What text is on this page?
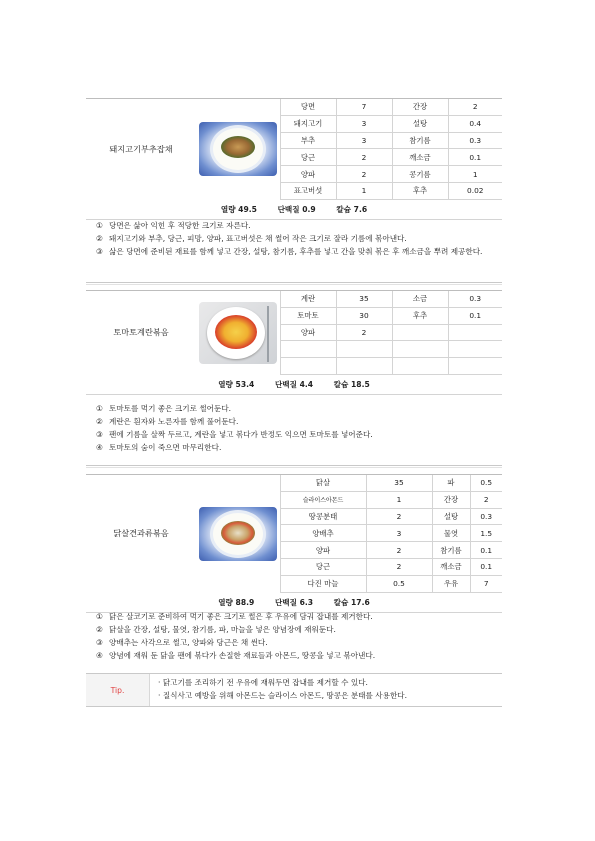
돼지고기부추잡채		당면	7	간장	2
		돼지고기	3	설탕	0.4
		부추	3	참기름	0.3
		당근	2	깨소금	0.1
		양파	2	콩기름	1
		표고버섯	1	후추	0.02
열량 49.5 단백질 0.9 칼슘 7.6					
① 당면은 삶아 익힌 후 적당한 크기로 자른다.
② 돼지고기와 부추, 당근, 피망, 양파, 표고버섯은 채 썰어 작은 크기로 잘라 기름에 볶아낸다.
③ 삶은 당면에 준비된 재료를 함께 넣고 간장, 설탕, 참기름, 후추를 넣고 간을 맞춰 볶은 후 깨소금을 뿌려 제공한다.
토마토계란볶음		계란	35	소금	0.3
		토마토	30	후추	0.1
		양파	2		

열량 53.4 단백질 4.4 칼슘 18.5					
① 토마토를 먹기 좋은 크기로 썰어둔다.
② 계란은 흰자와 노른자를 함께 풀어둔다.
③ 팬에 기름을 살짝 두르고, 계란을 넣고 볶다가 반정도 익으면 토마토를 넣어준다.
④ 토마토의 숨이 죽으면 마무리한다.
닭살견과류볶음		닭살	35	파	0.5
		슬라이스아몬드	1	간장	2
		땅콩분태	2	설탕	0.3
		양배추	3	물엿	1.5
		양파	2	참기름	0.1
		당근	2	깨소금	0.1
		다진 마늘	0.5	우유	7
열량 88.9 단백질 6.3 칼슘 17.6					
① 닭은 살코기로 준비하여 먹기 좋은 크기로 썰은 후 우유에 담궈 잡내를 제거한다.
② 닭살을 간장, 설탕, 물엿, 참기름, 파, 마늘을 넣은 양념장에 재워둔다.
③ 양배추는 사각으로 썰고, 양파와 당근은 채 썬다.
④ 양념에 재워 둔 닭을 팬에 볶다가 손질한 재료들과 아몬드, 땅콩을 넣고 볶아낸다.
Tip.
· 닭고기를 조리하기 전 우유에 재워두면 잡내를 제거할 수 있다.
· 질식사고 예방을 위해 아몬드는 슬라이스 아몬드, 땅콩은 분태를 사용한다.
